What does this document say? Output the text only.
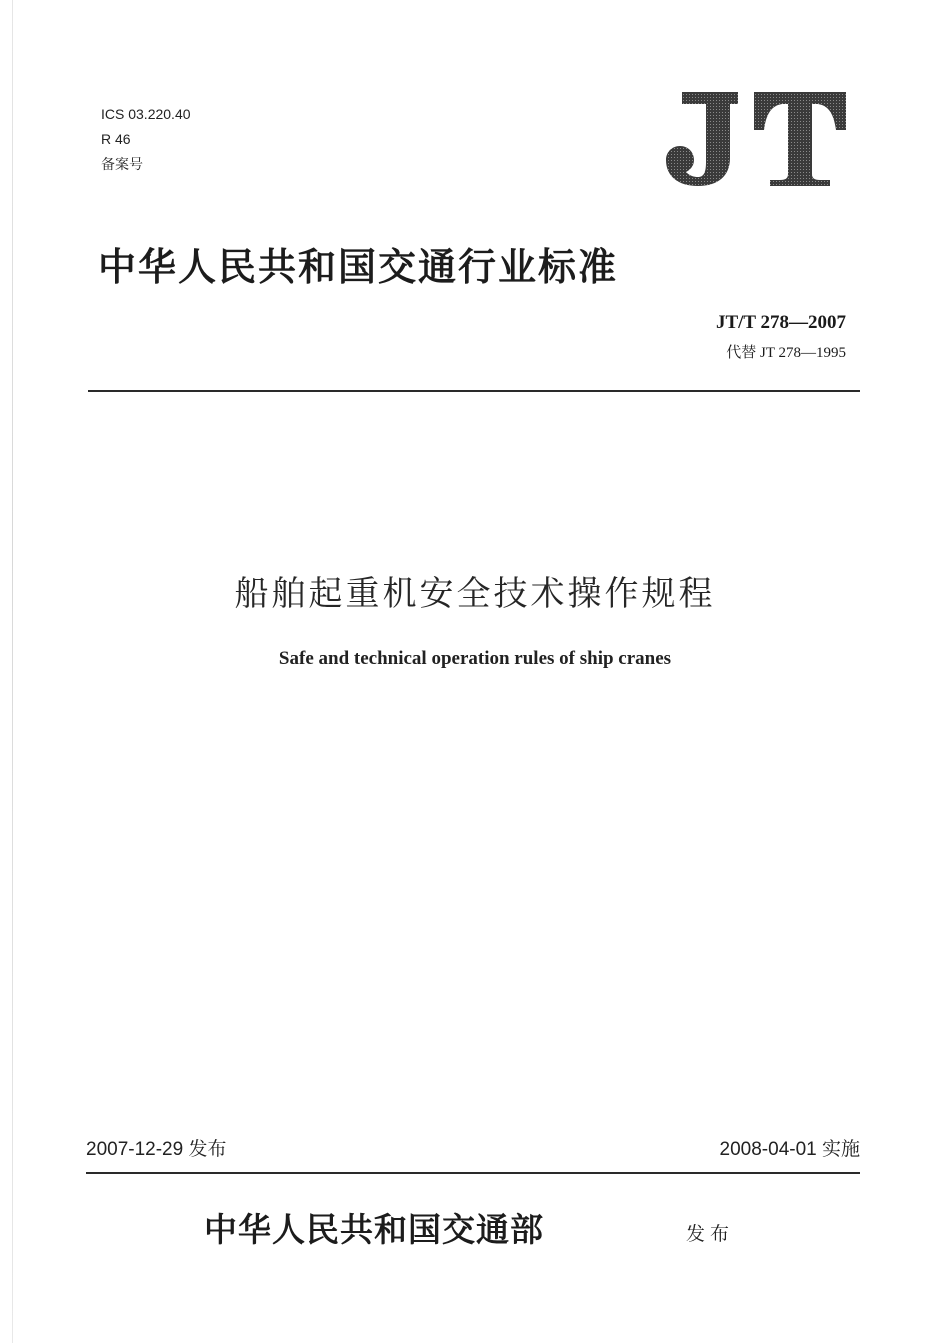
ICS 03.220.40
R 46
备案号
中华人民共和国交通行业标准
JT/T 278—2007
代替 JT 278—1995
船舶起重机安全技术操作规程
Safe and technical operation rules of ship cranes
2007-12-29 发布	2008-04-01 实施
中华人民共和国交通部	发布
